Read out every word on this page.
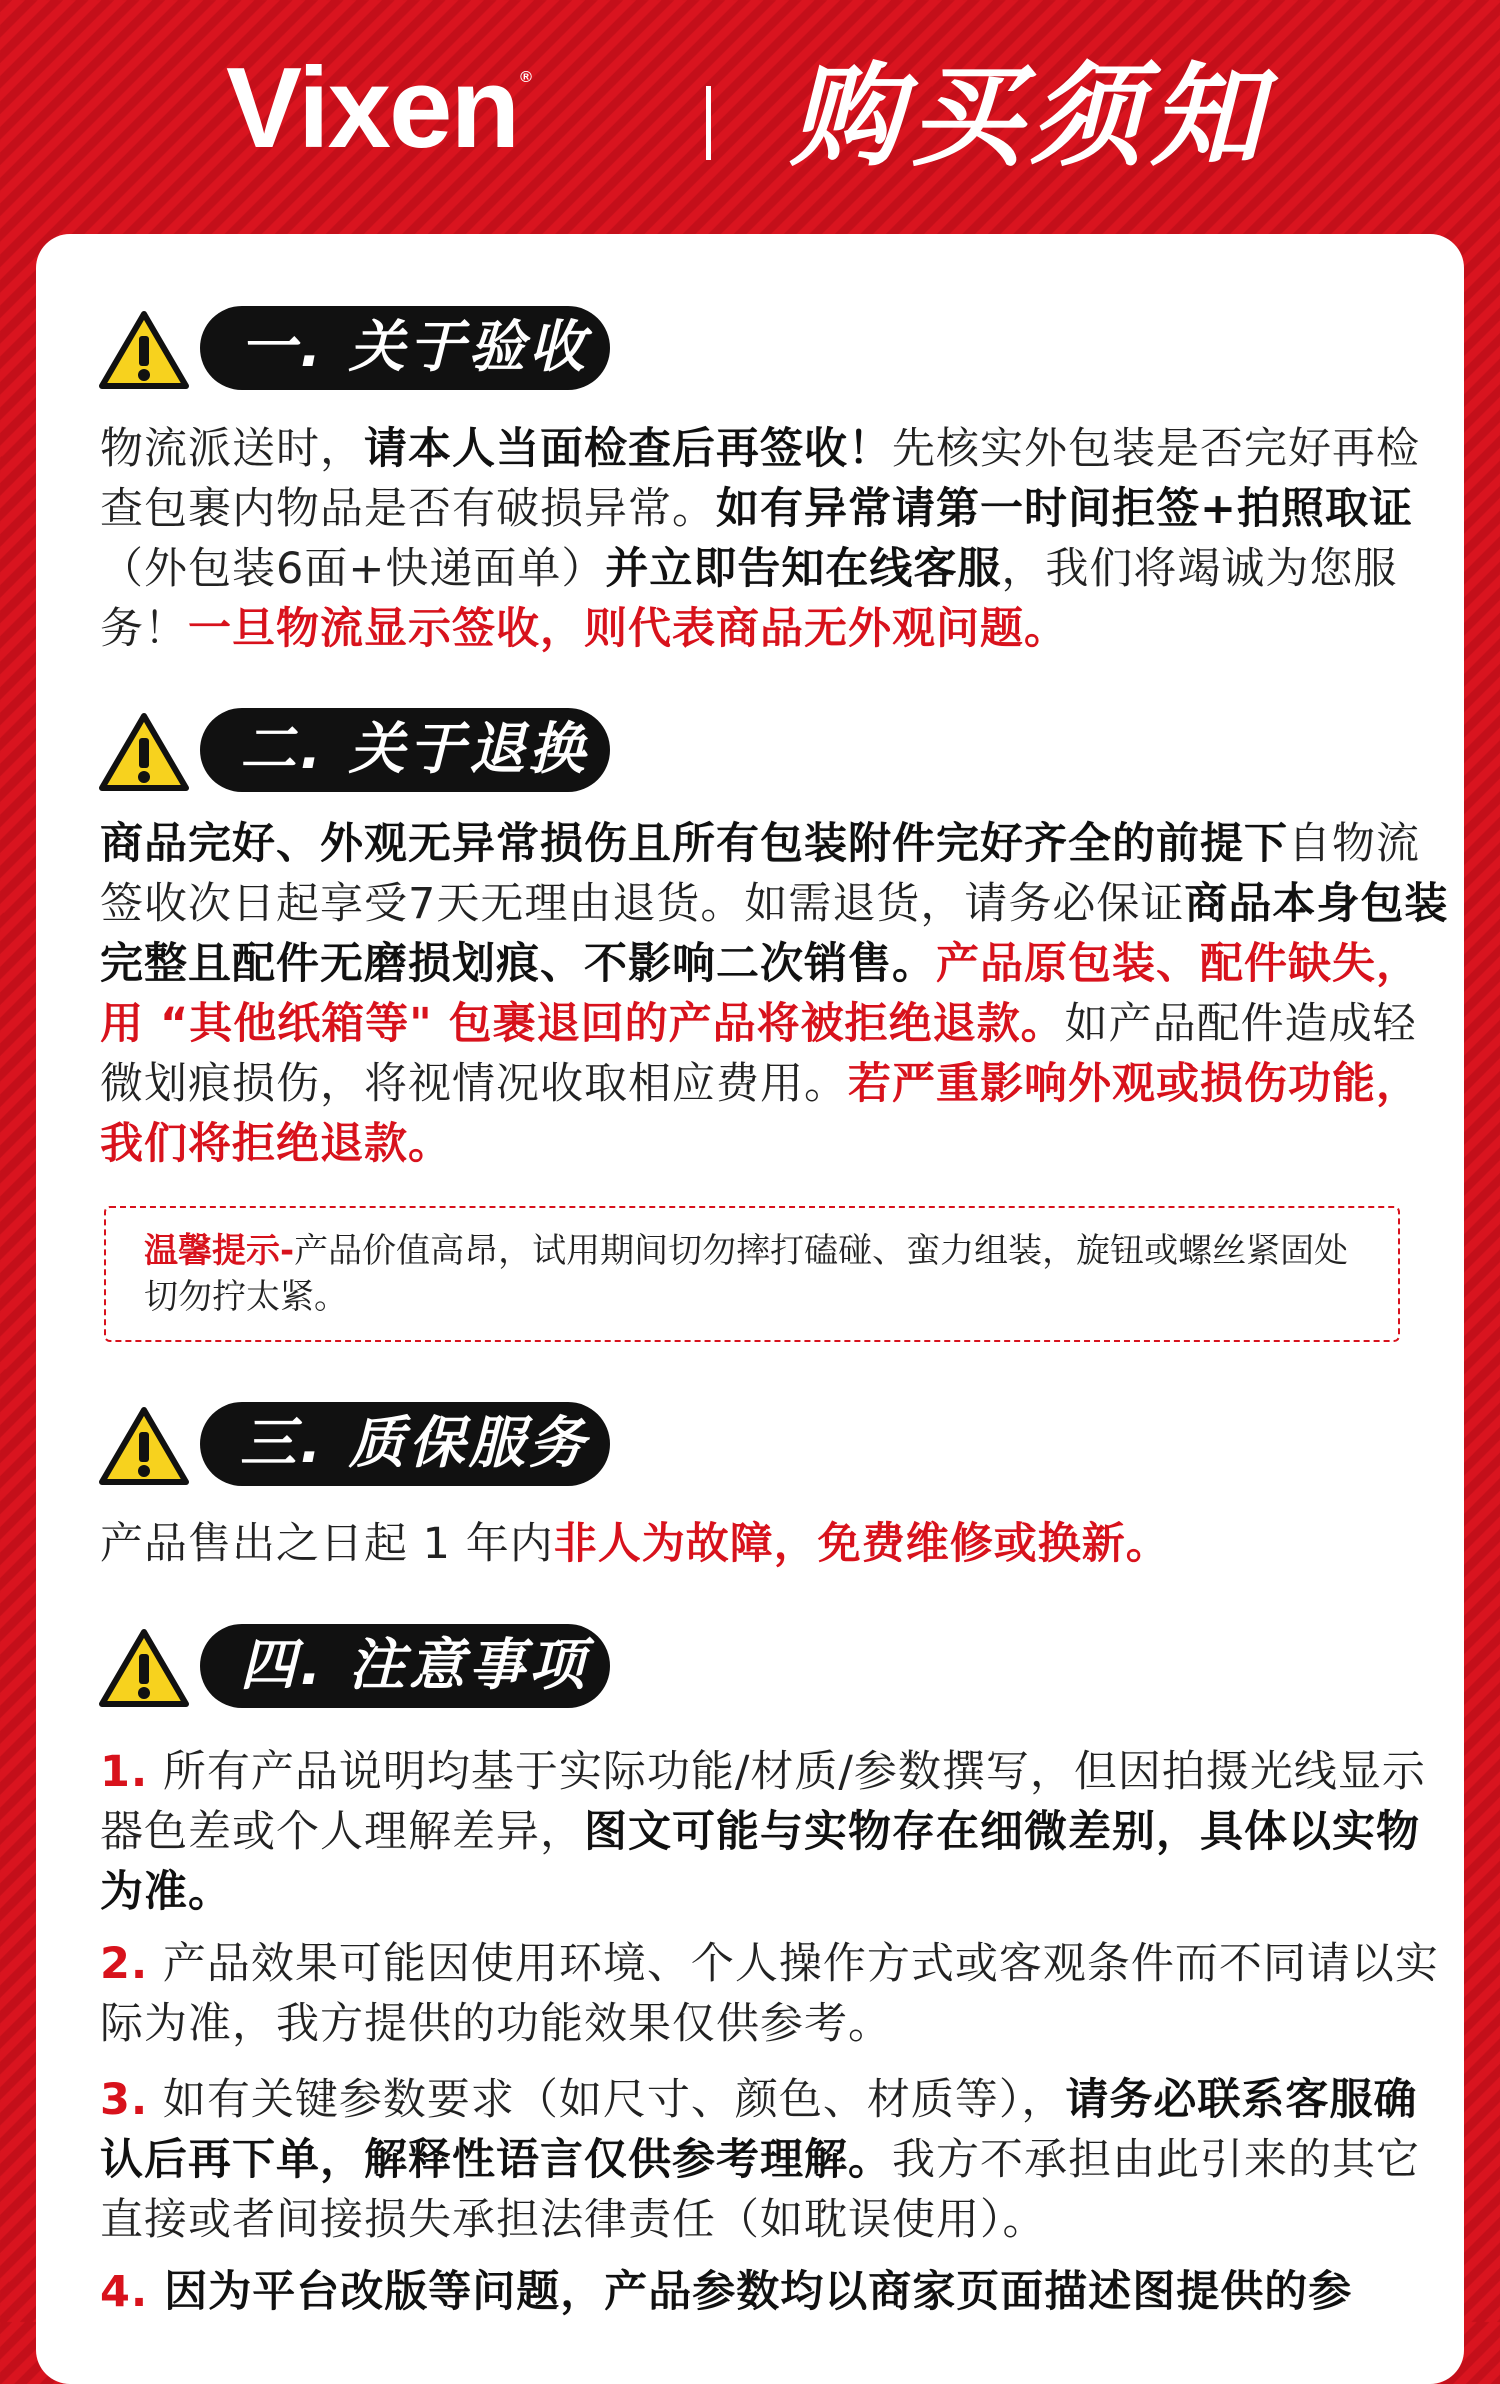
Vixen ® 购买须知
一. 关于验收
物流派送时，请本人当面检查后再签收！先核实外包装是否完好再检查包裹内物品是否有破损异常。如有异常请第一时间拒签+拍照取证（外包装6面+快递面单）并立即告知在线客服，我们将竭诚为您服务！一旦物流显示签收，则代表商品无外观问题。
二. 关于退换
商品完好、外观无异常损伤且所有包装附件完好齐全的前提下自物流签收次日起享受7天无理由退货。如需退货，请务必保证商品本身包装完整且配件无磨损划痕、不影响二次销售。产品原包装、配件缺失，用 “其他纸箱等" 包裹退回的产品将被拒绝退款。如产品配件造成轻微划痕损伤，将视情况收取相应费用。若严重影响外观或损伤功能，我们将拒绝退款。
温馨提示-产品价值高昂，试用期间切勿摔打磕碰、蛮力组装，旋钮或螺丝紧固处切勿拧太紧。
三. 质保服务
产品售出之日起 1 年内非人为故障，免费维修或换新。
四. 注意事项
1. 所有产品说明均基于实际功能/材质/参数撰写，但因拍摄光线显示器色差或个人理解差异，图文可能与实物存在细微差别，具体以实物为准。
2. 产品效果可能因使用环境、个人操作方式或客观条件而不同请以实际为准，我方提供的功能效果仅供参考。
3. 如有关键参数要求（如尺寸、颜色、材质等），请务必联系客服确认后再下单，解释性语言仅供参考理解。我方不承担由此引来的其它直接或者间接损失承担法律责任（如耽误使用）。
4. 因为平台改版等问题，产品参数均以商家页面描述图提供的参
